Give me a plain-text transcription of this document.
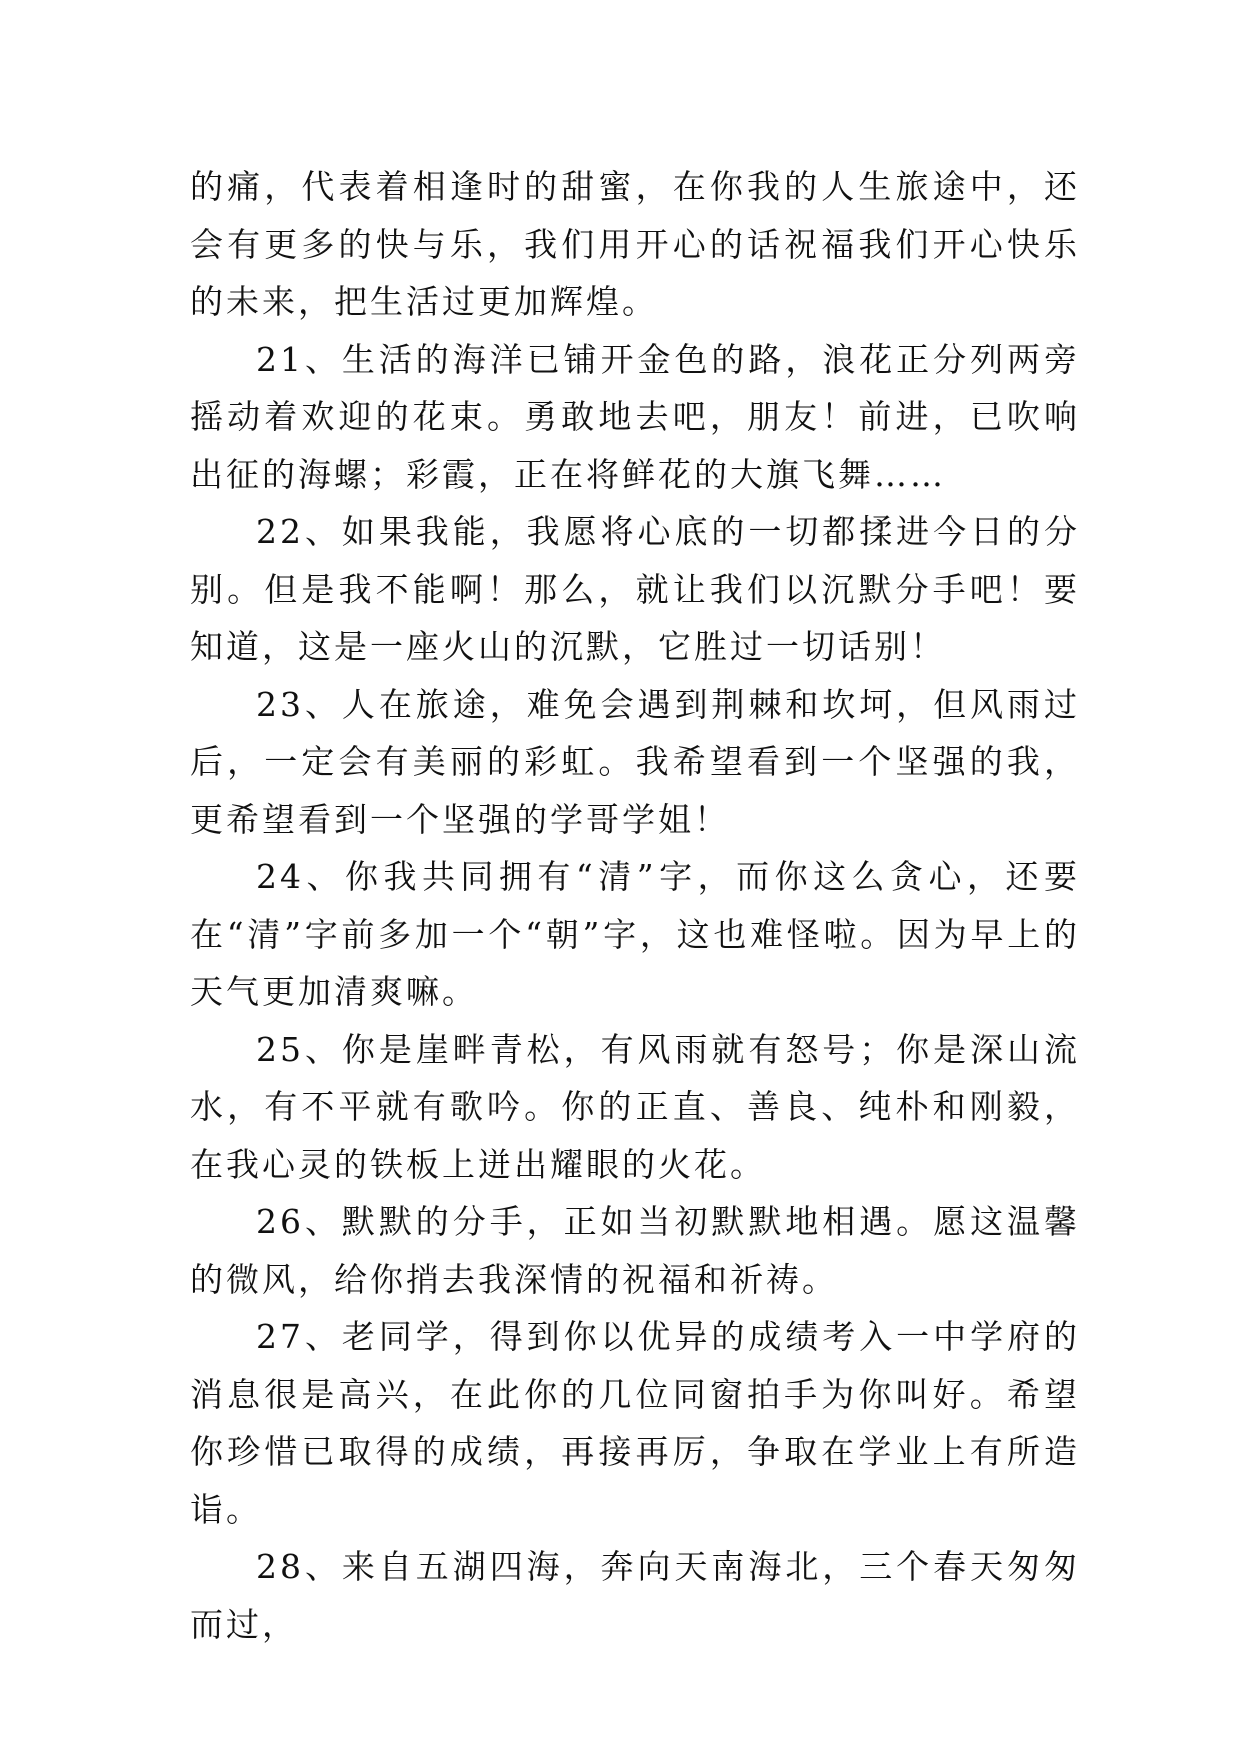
的痛，代表着相逢时的甜蜜，在你我的人生旅途中，还会有更多的快与乐，我们用开心的话祝福我们开心快乐的未来，把生活过更加辉煌。

21、生活的海洋已铺开金色的路，浪花正分列两旁摇动着欢迎的花束。勇敢地去吧，朋友！前进，已吹响出征的海螺；彩霞，正在将鲜花的大旗飞舞……

22、如果我能，我愿将心底的一切都揉进今日的分别。但是我不能啊！那么，就让我们以沉默分手吧！要知道，这是一座火山的沉默，它胜过一切话别！

23、人在旅途，难免会遇到荆棘和坎坷，但风雨过后，一定会有美丽的彩虹。我希望看到一个坚强的我，更希望看到一个坚强的学哥学姐！

24、你我共同拥有“清”字，而你这么贪心，还要在“清”字前多加一个“朝”字，这也难怪啦。因为早上的天气更加清爽嘛。

25、你是崖畔青松，有风雨就有怒号；你是深山流水，有不平就有歌吟。你的正直、善良、纯朴和刚毅，在我心灵的铁板上迸出耀眼的火花。

26、默默的分手，正如当初默默地相遇。愿这温馨的微风，给你捎去我深情的祝福和祈祷。

27、老同学，得到你以优异的成绩考入一中学府的消息很是高兴，在此你的几位同窗拍手为你叫好。希望你珍惜已取得的成绩，再接再厉，争取在学业上有所造诣。

28、来自五湖四海，奔向天南海北，三个春天匆匆而过，
